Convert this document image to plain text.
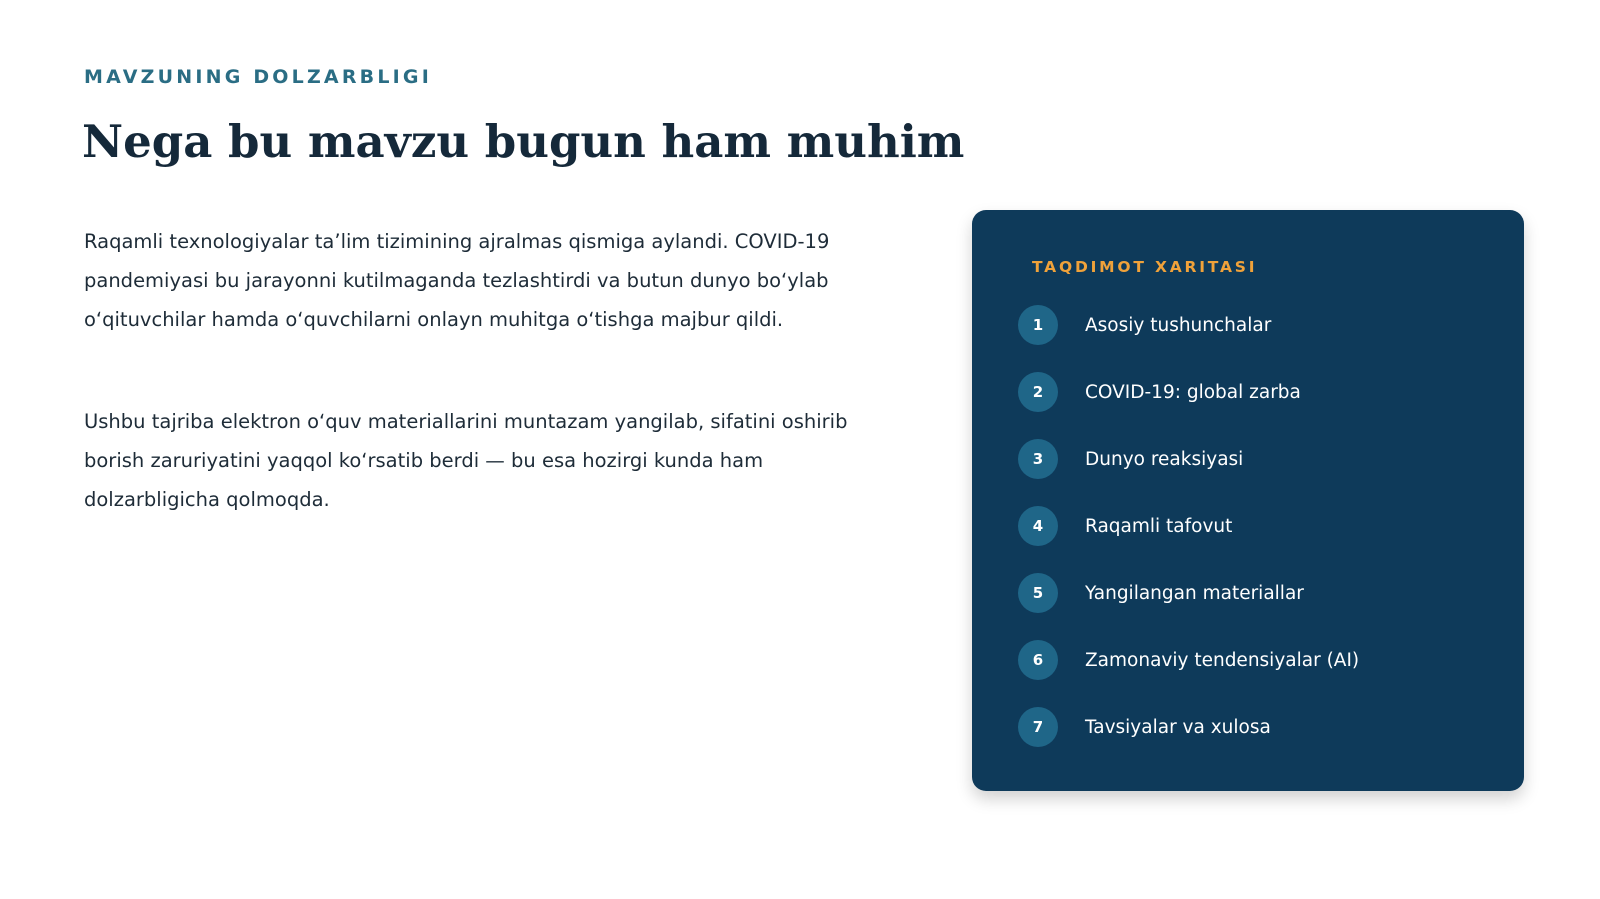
MAVZUNING DOLZARBLIGI
Nega bu mavzu bugun ham muhim

Raqamli texnologiyalar taʼlim tizimining ajralmas qismiga aylandi. COVID-19 pandemiyasi bu jarayonni kutilmaganda tezlashtirdi va butun dunyo boʻylab oʻqituvchilar hamda oʻquvchilarni onlayn muhitga oʻtishga majbur qildi.

Ushbu tajriba elektron oʻquv materiallarini muntazam yangilab, sifatini oshirib borish zaruriyatini yaqqol koʻrsatib berdi — bu esa hozirgi kunda ham dolzarbligicha qolmoqda.

TAQDIMOT XARITASI
1	Asosiy tushunchalar
2	COVID-19: global zarba
3	Dunyo reaksiyasi
4	Raqamli tafovut
5	Yangilangan materiallar
6	Zamonaviy tendensiyalar (AI)
7	Tavsiyalar va xulosa
